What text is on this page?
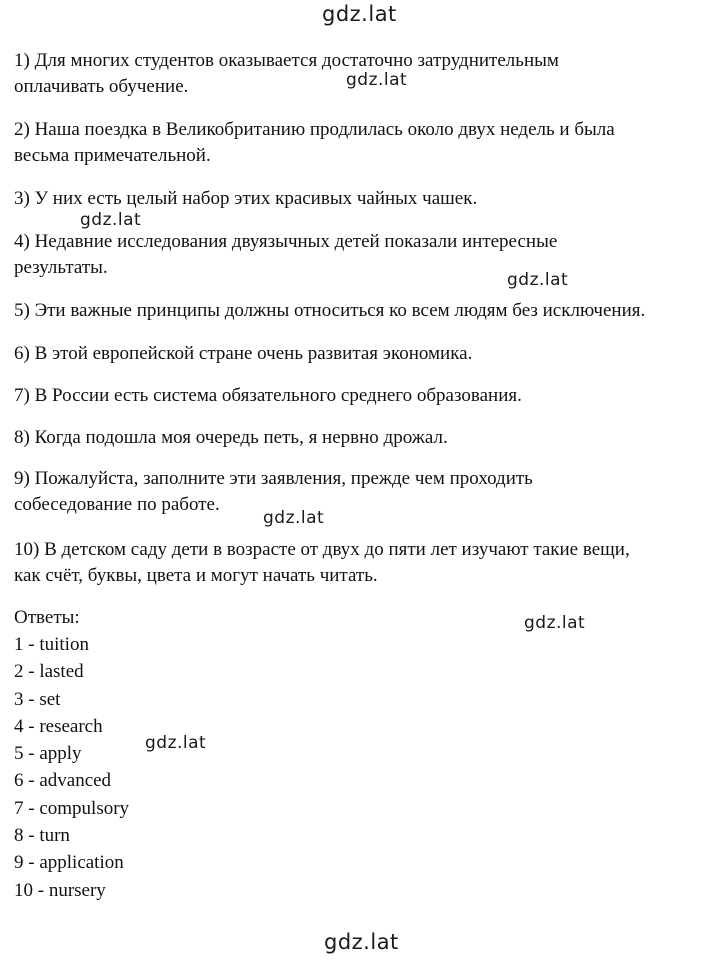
gdz.lat

1) Для многих студентов оказывается достаточно затруднительным
оплачивать обучение.

2) Наша поездка в Великобританию продлилась около двух недель и была
весьма примечательной.

3) У них есть целый набор этих красивых чайных чашек.

4) Недавние исследования двуязычных детей показали интересные
результаты.

5) Эти важные принципы должны относиться ко всем людям без исключения.

6) В этой европейской стране очень развитая экономика.

7) В России есть система обязательного среднего образования.

8) Когда подошла моя очередь петь, я нервно дрожал.

9) Пожалуйста, заполните эти заявления, прежде чем проходить
собеседование по работе.

10) В детском саду дети в возрасте от двух до пяти лет изучают такие вещи,
как счёт, буквы, цвета и могут начать читать.

Ответы:

1 - tuition
2 - lasted
3 - set
4 - research
5 - apply
6 - advanced
7 - compulsory
8 - turn
9 - application
10 - nursery
gdz.lat
gdz.lat
gdz.lat
gdz.lat
gdz.lat
gdz.lat
gdz.lat
